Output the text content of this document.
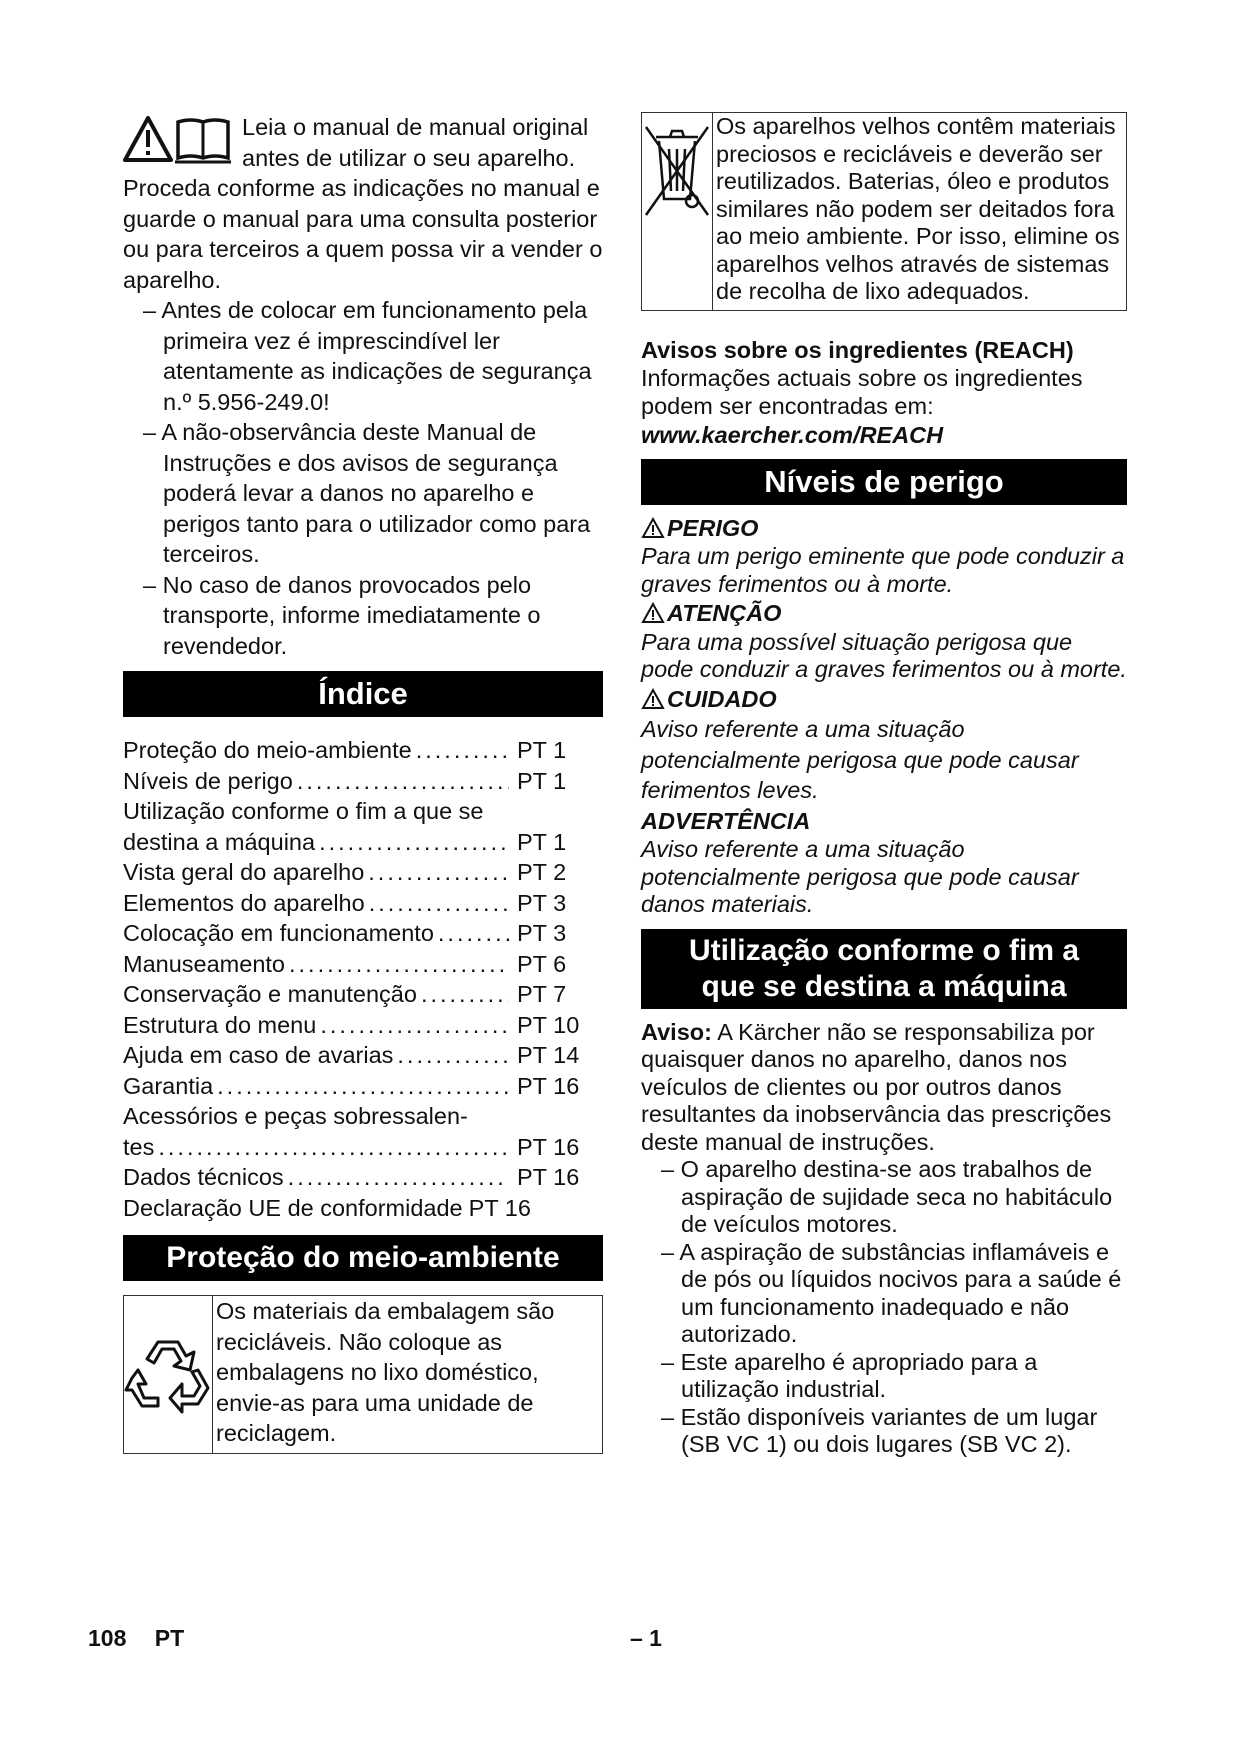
Leia o manual de manual original antes de utilizar o seu aparelho. Proceda conforme as indicações no manual e guarde o manual para uma consulta posterior ou para terceiros a quem possa vir a vender o aparelho.

– Antes de colocar em funcionamento pela primeira vez é imprescindível ler atentamente as indicações de segurança n.º 5.956-249.0!
– A não-observância deste Manual de Instruções e dos avisos de segurança poderá levar a danos no aparelho e perigos tanto para o utilizador como para terceiros.
– No caso de danos provocados pelo transporte, informe imediatamente o revendedor.
Índice
Proteção do meio-ambiente .....	PT 1
Níveis de perigo .....	PT 1
Utilização conforme o fim a que se
destina a máquina .....	PT 1
Vista geral do aparelho .....	PT 2
Elementos do aparelho .....	PT 3
Colocação em funcionamento .....	PT 3
Manuseamento .....	PT 6
Conservação e manutenção .....	PT 7
Estrutura do menu .....	PT 10
Ajuda em caso de avarias .....	PT 14
Garantia .....	PT 16
Acessórios e peças sobressalen-
tes .....	PT 16
Dados técnicos .....	PT 16
Declaração UE de conformidade PT 16
Proteção do meio-ambiente
Os materiais da embalagem são recicláveis. Não coloque as embalagens no lixo doméstico, envie-as para uma unidade de reciclagem.
Os aparelhos velhos contêm materiais preciosos e recicláveis e deverão ser reutilizados. Baterias, óleo e produtos similares não podem ser deitados fora ao meio ambiente. Por isso, elimine os aparelhos velhos através de sistemas de recolha de lixo adequados.

Avisos sobre os ingredientes (REACH)

Informações actuais sobre os ingredientes podem ser encontradas em:

www.kaercher.com/REACH

Níveis de perigo
PERIGO

Para um perigo eminente que pode conduzir a graves ferimentos ou à morte.

ATENÇÃO

Para uma possível situação perigosa que pode conduzir a graves ferimentos ou à morte.

CUIDADO

Aviso referente a uma situação potencialmente perigosa que pode causar ferimentos leves.

ADVERTÊNCIA

Aviso referente a uma situação potencialmente perigosa que pode causar danos materiais.

Utilização conforme o fim a
que se destina a máquina

Aviso: A Kärcher não se responsabiliza por quaisquer danos no aparelho, danos nos veículos de clientes ou por outros danos resultantes da inobservância das prescrições deste manual de instruções.

– O aparelho destina-se aos trabalhos de aspiração de sujidade seca no habitáculo de veículos motores.
– A aspiração de substâncias inflamáveis e de pós ou líquidos nocivos para a saúde é um funcionamento inadequado e não autorizado.
– Este aparelho é apropriado para a utilização industrial.
– Estão disponíveis variantes de um lugar (SB VC 1) ou dois lugares (SB VC 2).
108 PT	– 1
